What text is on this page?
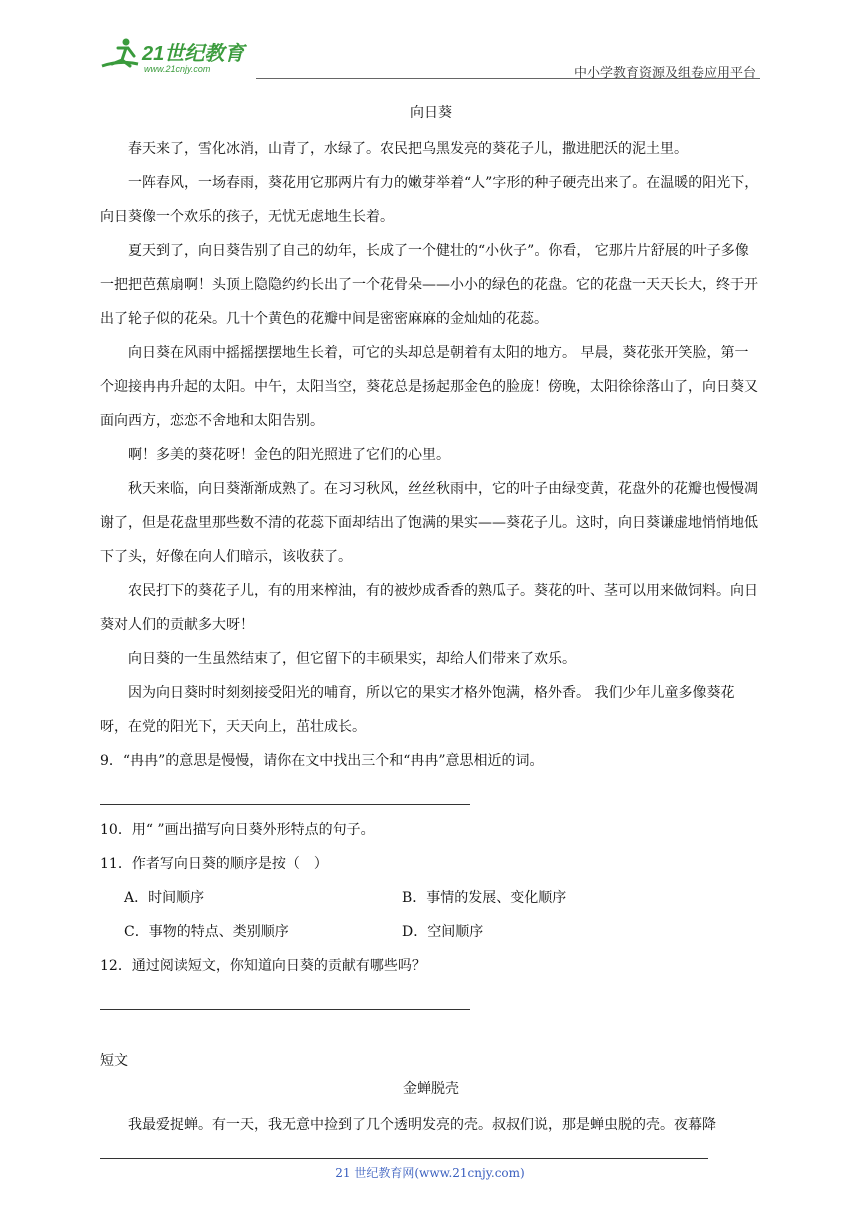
21世纪教育
www.21cnjy.com	中小学教育资源及组卷应用平台
向日葵

春天来了，雪化冰消，山青了，水绿了。农民把乌黑发亮的葵花子儿，撒进肥沃的泥土里。

一阵春风，一场春雨，葵花用它那两片有力的嫩芽举着“人”字形的种子硬壳出来了。在温暖的阳光下，向日葵像一个欢乐的孩子，无忧无虑地生长着。

夏天到了，向日葵告别了自己的幼年，长成了一个健壮的“小伙子”。你看， 它那片片舒展的叶子多像一把把芭蕉扇啊！头顶上隐隐约约长出了一个花骨朵——小小的绿色的花盘。它的花盘一天天长大，终于开出了轮子似的花朵。几十个黄色的花瓣中间是密密麻麻的金灿灿的花蕊。

向日葵在风雨中摇摇摆摆地生长着，可它的头却总是朝着有太阳的地方。 早晨，葵花张开笑脸，第一个迎接冉冉升起的太阳。中午，太阳当空，葵花总是扬起那金色的脸庞！傍晚，太阳徐徐落山了，向日葵又面向西方，恋恋不舍地和太阳告别。

啊！多美的葵花呀！金色的阳光照进了它们的心里。

秋天来临，向日葵渐渐成熟了。在习习秋风，丝丝秋雨中，它的叶子由绿变黄，花盘外的花瓣也慢慢凋谢了，但是花盘里那些数不清的花蕊下面却结出了饱满的果实——葵花子儿。这时，向日葵谦虚地悄悄地低下了头，好像在向人们暗示，该收获了。

农民打下的葵花子儿，有的用来榨油，有的被炒成香香的熟瓜子。葵花的叶、茎可以用来做饲料。向日葵对人们的贡献多大呀！

向日葵的一生虽然结束了，但它留下的丰硕果实，却给人们带来了欢乐。

因为向日葵时时刻刻接受阳光的哺育，所以它的果实才格外饱满，格外香。 我们少年儿童多像葵花呀，在党的阳光下，天天向上，茁壮成长。

9．“冉冉”的意思是慢慢，请你在文中找出三个和“冉冉”意思相近的词。

10．用“ ”画出描写向日葵外形特点的句子。

11．作者写向日葵的顺序是按（　）

A．时间顺序	B．事情的发展、变化顺序
C．事物的特点、类别顺序	D．空间顺序

12．通过阅读短文，你知道向日葵的贡献有哪些吗？

短文
金蝉脱壳

我最爱捉蝉。有一天，我无意中捡到了几个透明发亮的壳。叔叔们说，那是蝉虫脱的壳。夜幕降

21 世纪教育网(www.21cnjy.com)
